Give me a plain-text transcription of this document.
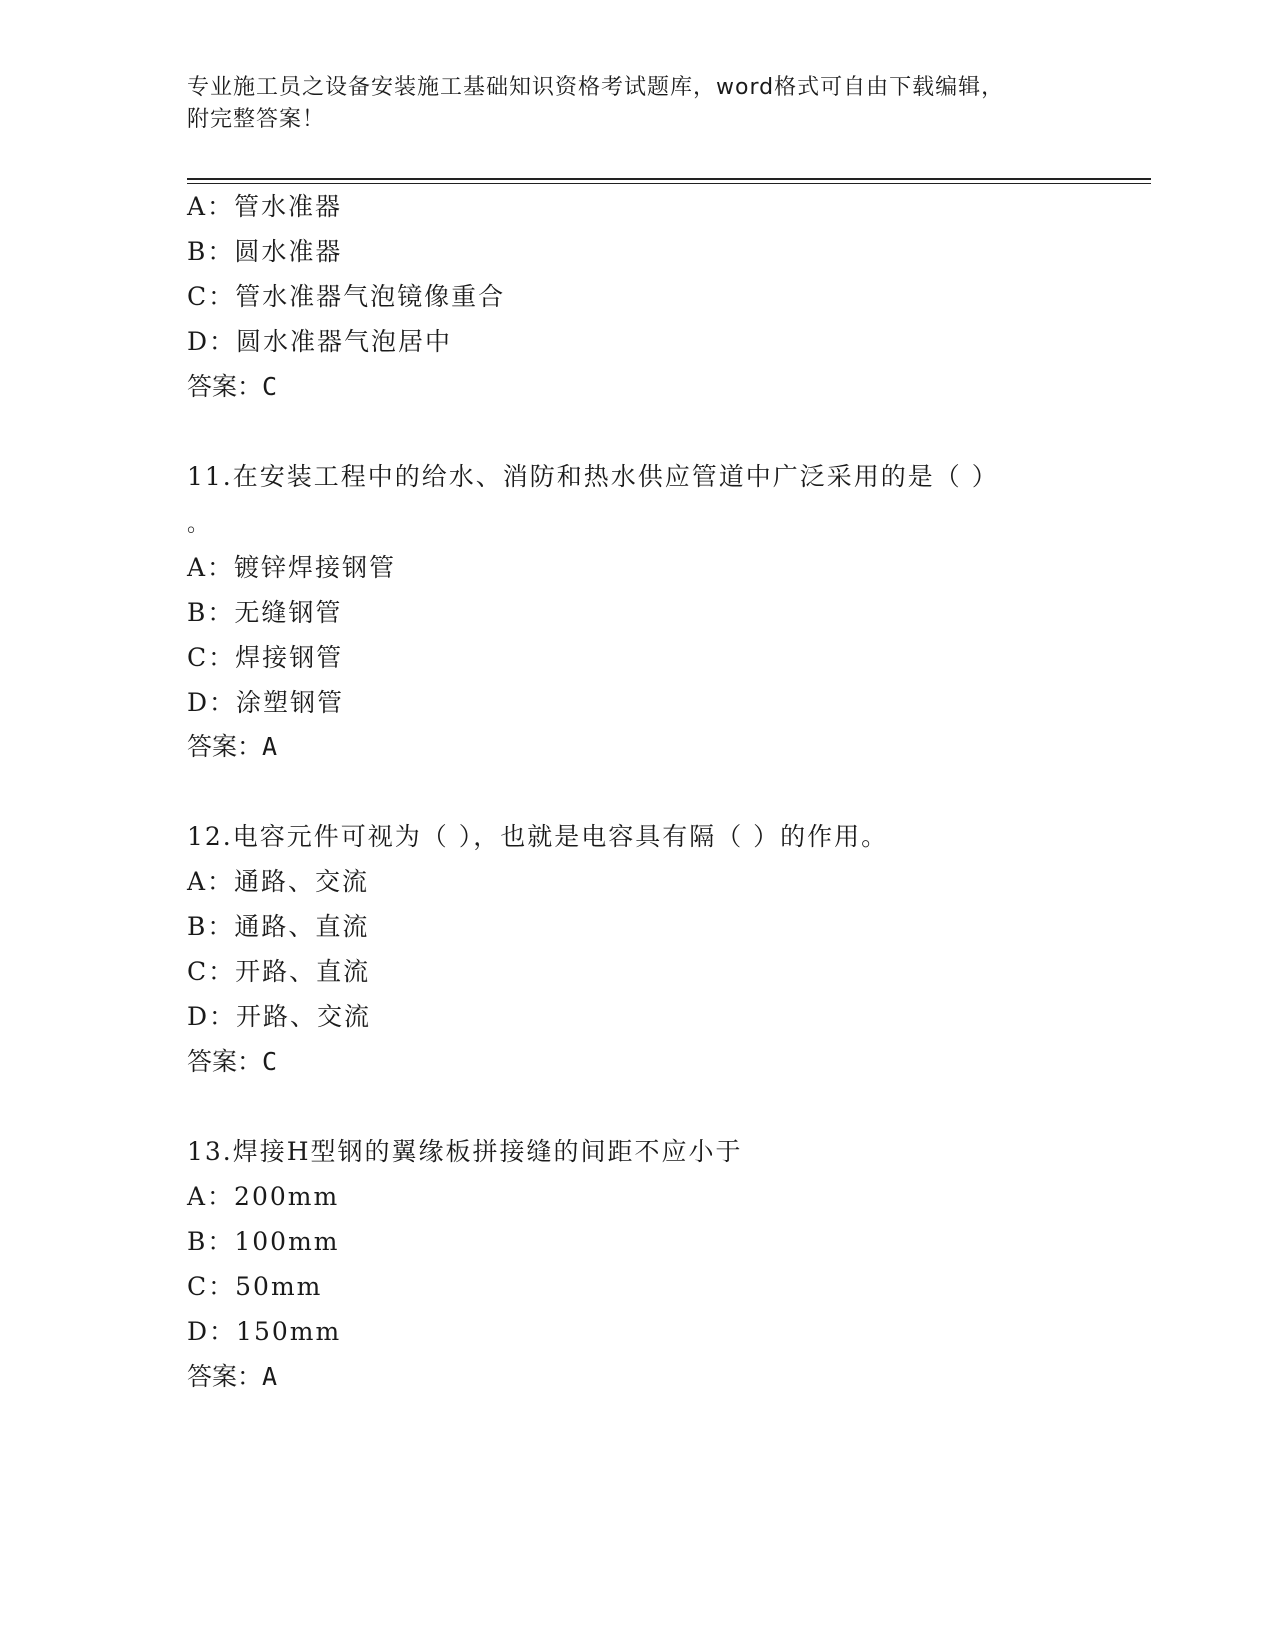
专业施工员之设备安装施工基础知识资格考试题库，word格式可自由下载编辑，
附完整答案！
A：管水准器
B：圆水准器
C：管水准器气泡镜像重合
D：圆水准器气泡居中
答案：C
11.在安装工程中的给水、消防和热水供应管道中广泛采用的是（ ）
。
A：镀锌焊接钢管
B：无缝钢管
C：焊接钢管
D：涂塑钢管
答案：A
12.电容元件可视为（ ），也就是电容具有隔（ ）的作用。
A：通路、交流
B：通路、直流
C：开路、直流
D：开路、交流
答案：C
13.焊接H型钢的翼缘板拼接缝的间距不应小于
A：200mm
B：100mm
C：50mm
D：150mm
答案：A
